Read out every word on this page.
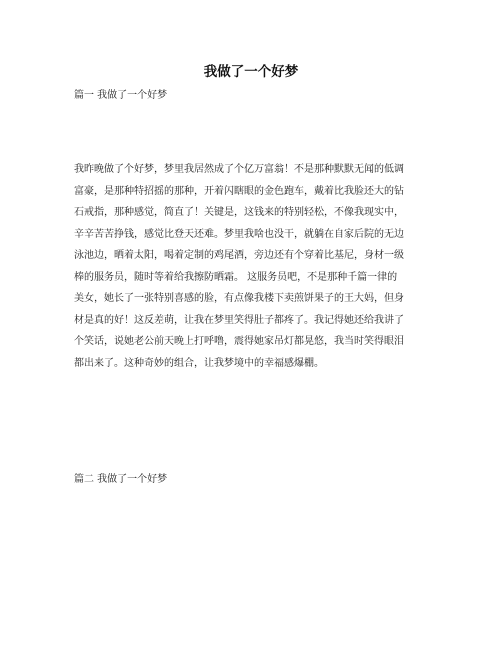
我做了一个好梦

篇一 我做了一个好梦

我昨晚做了个好梦，梦里我居然成了个亿万富翁！不是那种默默无闻的低调
富豪，是那种特招摇的那种，开着闪瞎眼的金色跑车，戴着比我脸还大的钻
石戒指，那种感觉，简直了！关键是，这钱来的特别轻松，不像我现实中，
辛辛苦苦挣钱，感觉比登天还难。梦里我啥也没干，就躺在自家后院的无边
泳池边，晒着太阳，喝着定制的鸡尾酒，旁边还有个穿着比基尼，身材一级
棒的服务员，随时等着给我擦防晒霜。 这服务员吧，不是那种千篇一律的
美女，她长了一张特别喜感的脸，有点像我楼下卖煎饼果子的王大妈，但身
材是真的好！这反差萌，让我在梦里笑得肚子都疼了。我记得她还给我讲了
个笑话，说她老公前天晚上打呼噜，震得她家吊灯都晃悠，我当时笑得眼泪
都出来了。这种奇妙的组合，让我梦境中的幸福感爆棚。

篇二 我做了一个好梦
